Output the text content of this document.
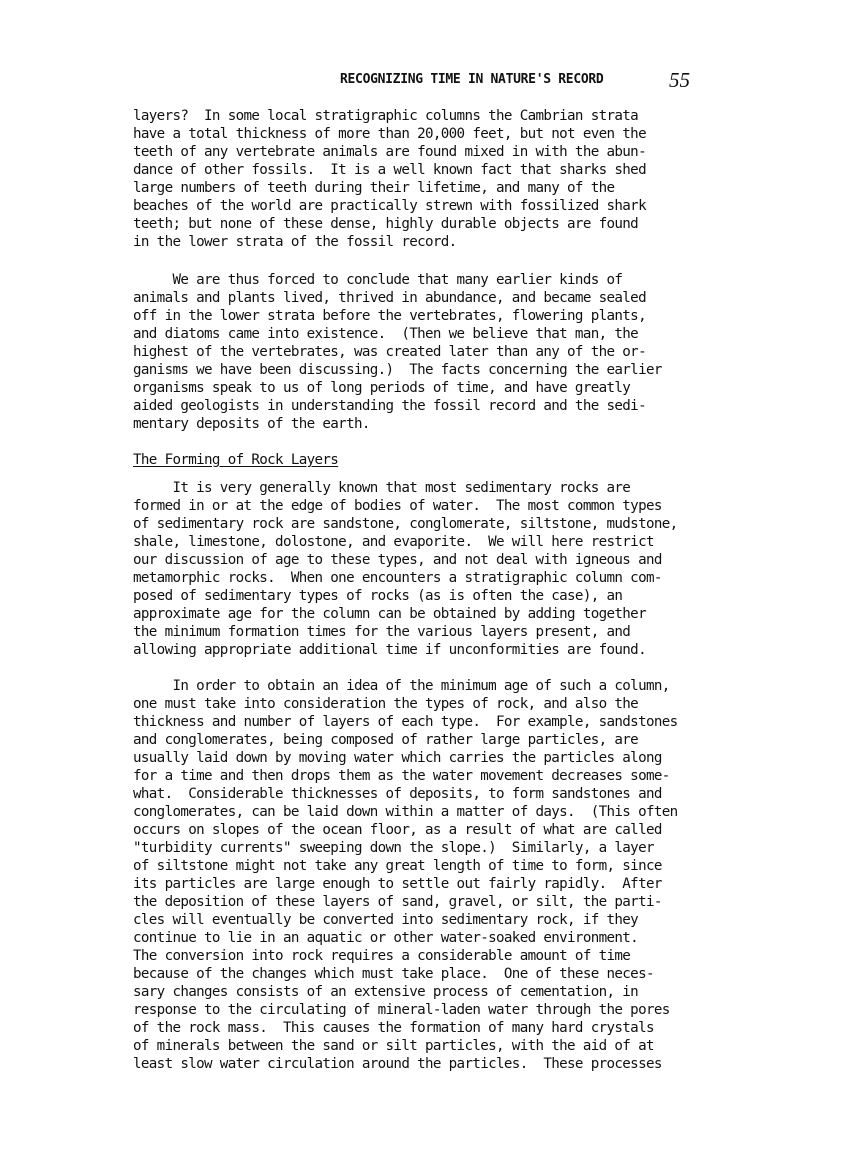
RECOGNIZING TIME IN NATURE'S RECORD	55
layers?  In some local stratigraphic columns the Cambrian strata
have a total thickness of more than 20,000 feet, but not even the
teeth of any vertebrate animals are found mixed in with the abun-
dance of other fossils.  It is a well known fact that sharks shed
large numbers of teeth during their lifetime, and many of the
beaches of the world are practically strewn with fossilized shark
teeth; but none of these dense, highly durable objects are found
in the lower strata of the fossil record.
We are thus forced to conclude that many earlier kinds of
animals and plants lived, thrived in abundance, and became sealed
off in the lower strata before the vertebrates, flowering plants,
and diatoms came into existence.  (Then we believe that man, the
highest of the vertebrates, was created later than any of the or-
ganisms we have been discussing.)  The facts concerning the earlier
organisms speak to us of long periods of time, and have greatly
aided geologists in understanding the fossil record and the sedi-
mentary deposits of the earth.
The Forming of Rock Layers
It is very generally known that most sedimentary rocks are
formed in or at the edge of bodies of water.  The most common types
of sedimentary rock are sandstone, conglomerate, siltstone, mudstone,
shale, limestone, dolostone, and evaporite.  We will here restrict
our discussion of age to these types, and not deal with igneous and
metamorphic rocks.  When one encounters a stratigraphic column com-
posed of sedimentary types of rocks (as is often the case), an
approximate age for the column can be obtained by adding together
the minimum formation times for the various layers present, and
allowing appropriate additional time if unconformities are found.
In order to obtain an idea of the minimum age of such a column,
one must take into consideration the types of rock, and also the
thickness and number of layers of each type.  For example, sandstones
and conglomerates, being composed of rather large particles, are
usually laid down by moving water which carries the particles along
for a time and then drops them as the water movement decreases some-
what.  Considerable thicknesses of deposits, to form sandstones and
conglomerates, can be laid down within a matter of days.  (This often
occurs on slopes of the ocean floor, as a result of what are called
"turbidity currents" sweeping down the slope.)  Similarly, a layer
of siltstone might not take any great length of time to form, since
its particles are large enough to settle out fairly rapidly.  After
the deposition of these layers of sand, gravel, or silt, the parti-
cles will eventually be converted into sedimentary rock, if they
continue to lie in an aquatic or other water-soaked environment.
The conversion into rock requires a considerable amount of time
because of the changes which must take place.  One of these neces-
sary changes consists of an extensive process of cementation, in
response to the circulating of mineral-laden water through the pores
of the rock mass.  This causes the formation of many hard crystals
of minerals between the sand or silt particles, with the aid of at
least slow water circulation around the particles.  These processes
